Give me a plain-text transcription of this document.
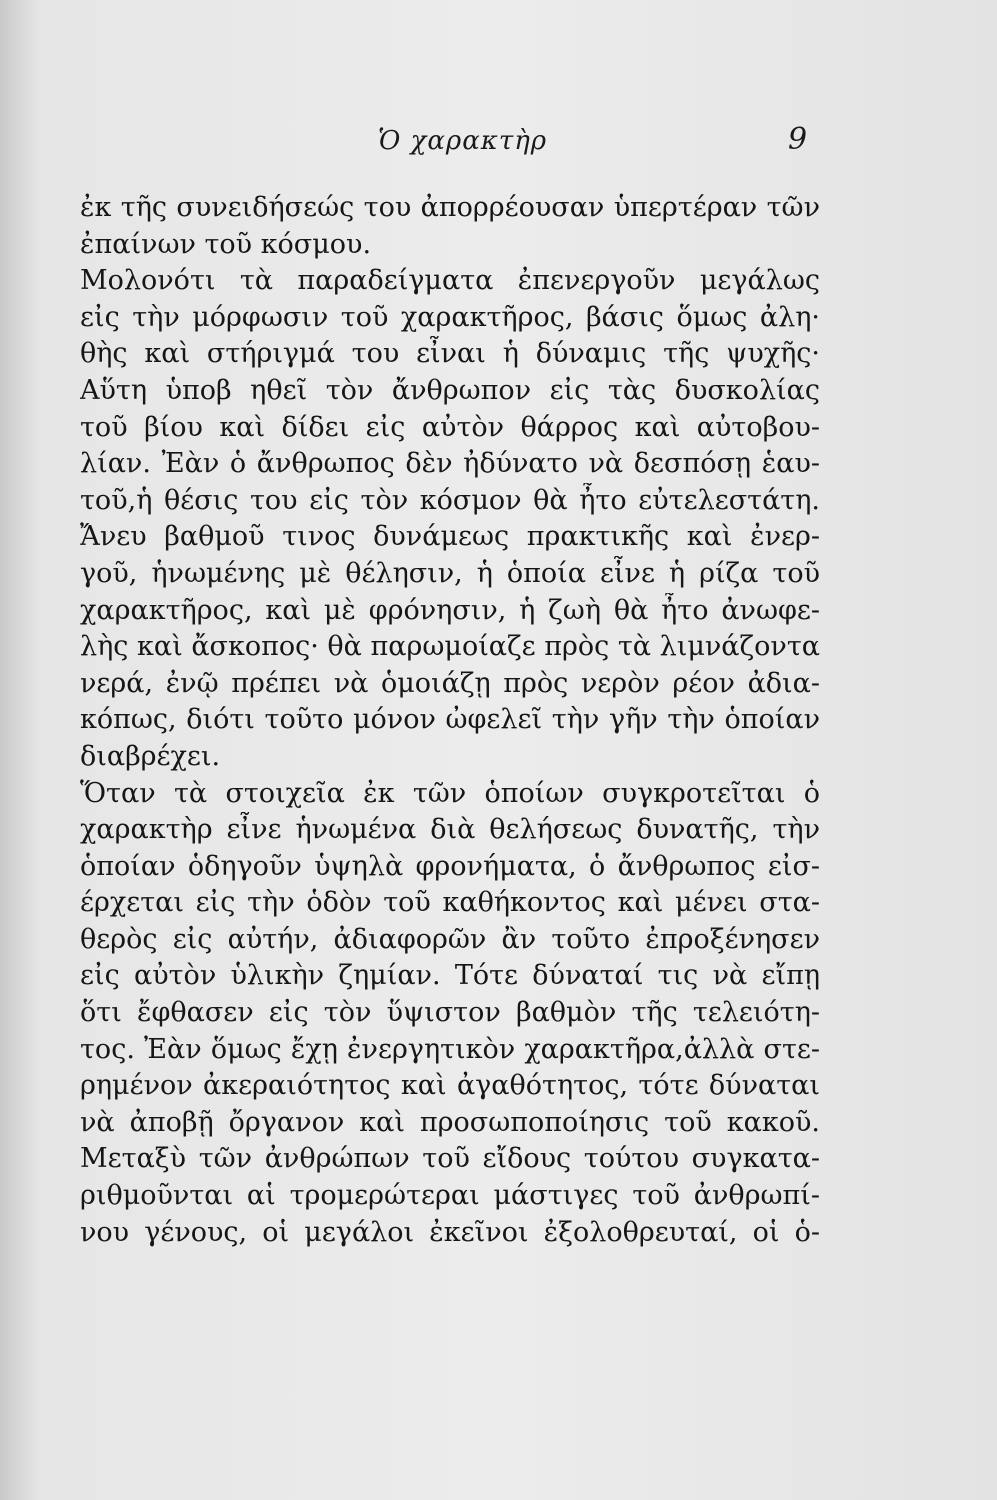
Ὁ χαρακτὴρ	9
ἐκ τῆς συνειδήσεώς του ἀπορρέουσαν ὑπερτέραν τῶν
ἐπαίνων τοῦ κόσμου.
Μολονότι τὰ παραδείγματα ἐπενεργοῦν μεγάλως
εἰς τὴν μόρφωσιν τοῦ χαρακτῆρος, βάσις ὅμως ἀλη·
θὴς καὶ στήριγμά του εἶναι ἡ δύναμις τῆς ψυχῆς·
Αὕτη ὑποβ ηθεῖ τὸν ἄνθρωπον εἰς τὰς δυσκολίας
τοῦ βίου καὶ δίδει εἰς αὐτὸν θάρρος καὶ αὐτοβου-
λίαν. Ἐὰν ὁ ἄνθρωπος δὲν ἠδύνατο νὰ δεσπόσῃ ἑαυ-
τοῦ,ἡ θέσις του εἰς τὸν κόσμον θὰ ἦτο εὐτελεστάτη.
Ἄνευ βαθμοῦ τινος δυνάμεως πρακτικῆς καὶ ἐνερ-
γοῦ, ἡνωμένης μὲ θέλησιν, ἡ ὁποία εἶνε ἡ ρίζα τοῦ
χαρακτῆρος, καὶ μὲ φρόνησιν, ἡ ζωὴ θὰ ἦτο ἀνωφε-
λὴς καὶ ἄσκοπος· θὰ παρωμοίαζε πρὸς τὰ λιμνάζοντα
νερά, ἐνῷ πρέπει νὰ ὁμοιάζῃ πρὸς νερὸν ρέον ἀδια-
κόπως, διότι τοῦτο μόνον ὠφελεῖ τὴν γῆν τὴν ὁποίαν
διαβρέχει.
Ὅταν τὰ στοιχεῖα ἐκ τῶν ὁποίων συγκροτεῖται ὁ
χαρακτὴρ εἶνε ἡνωμένα διὰ θελήσεως δυνατῆς, τὴν
ὁποίαν ὁδηγοῦν ὑψηλὰ φρονήματα, ὁ ἄνθρωπος εἰσ-
έρχεται εἰς τὴν ὁδὸν τοῦ καθήκοντος καὶ μένει στα-
θερὸς εἰς αὐτήν, ἀδιαφορῶν ἂν τοῦτο ἐπροξένησεν
εἰς αὐτὸν ὑλικὴν ζημίαν. Τότε δύναταί τις νὰ εἴπῃ
ὅτι ἔφθασεν εἰς τὸν ὕψιστον βαθμὸν τῆς τελειότη-
τος. Ἐὰν ὅμως ἔχῃ ἐνεργητικὸν χαρακτῆρα,ἀλλὰ στε-
ρημένον ἀκεραιότητος καὶ ἀγαθότητος, τότε δύναται
νὰ ἀποβῇ ὄργανον καὶ προσωποποίησις τοῦ κακοῦ.
Μεταξὺ τῶν ἀνθρώπων τοῦ εἴδους τούτου συγκατα-
ριθμοῦνται αἱ τρομερώτεραι μάστιγες τοῦ ἀνθρωπί-
νου γένους, οἱ μεγάλοι ἐκεῖνοι ἐξολοθρευταί, οἱ ὁ-
